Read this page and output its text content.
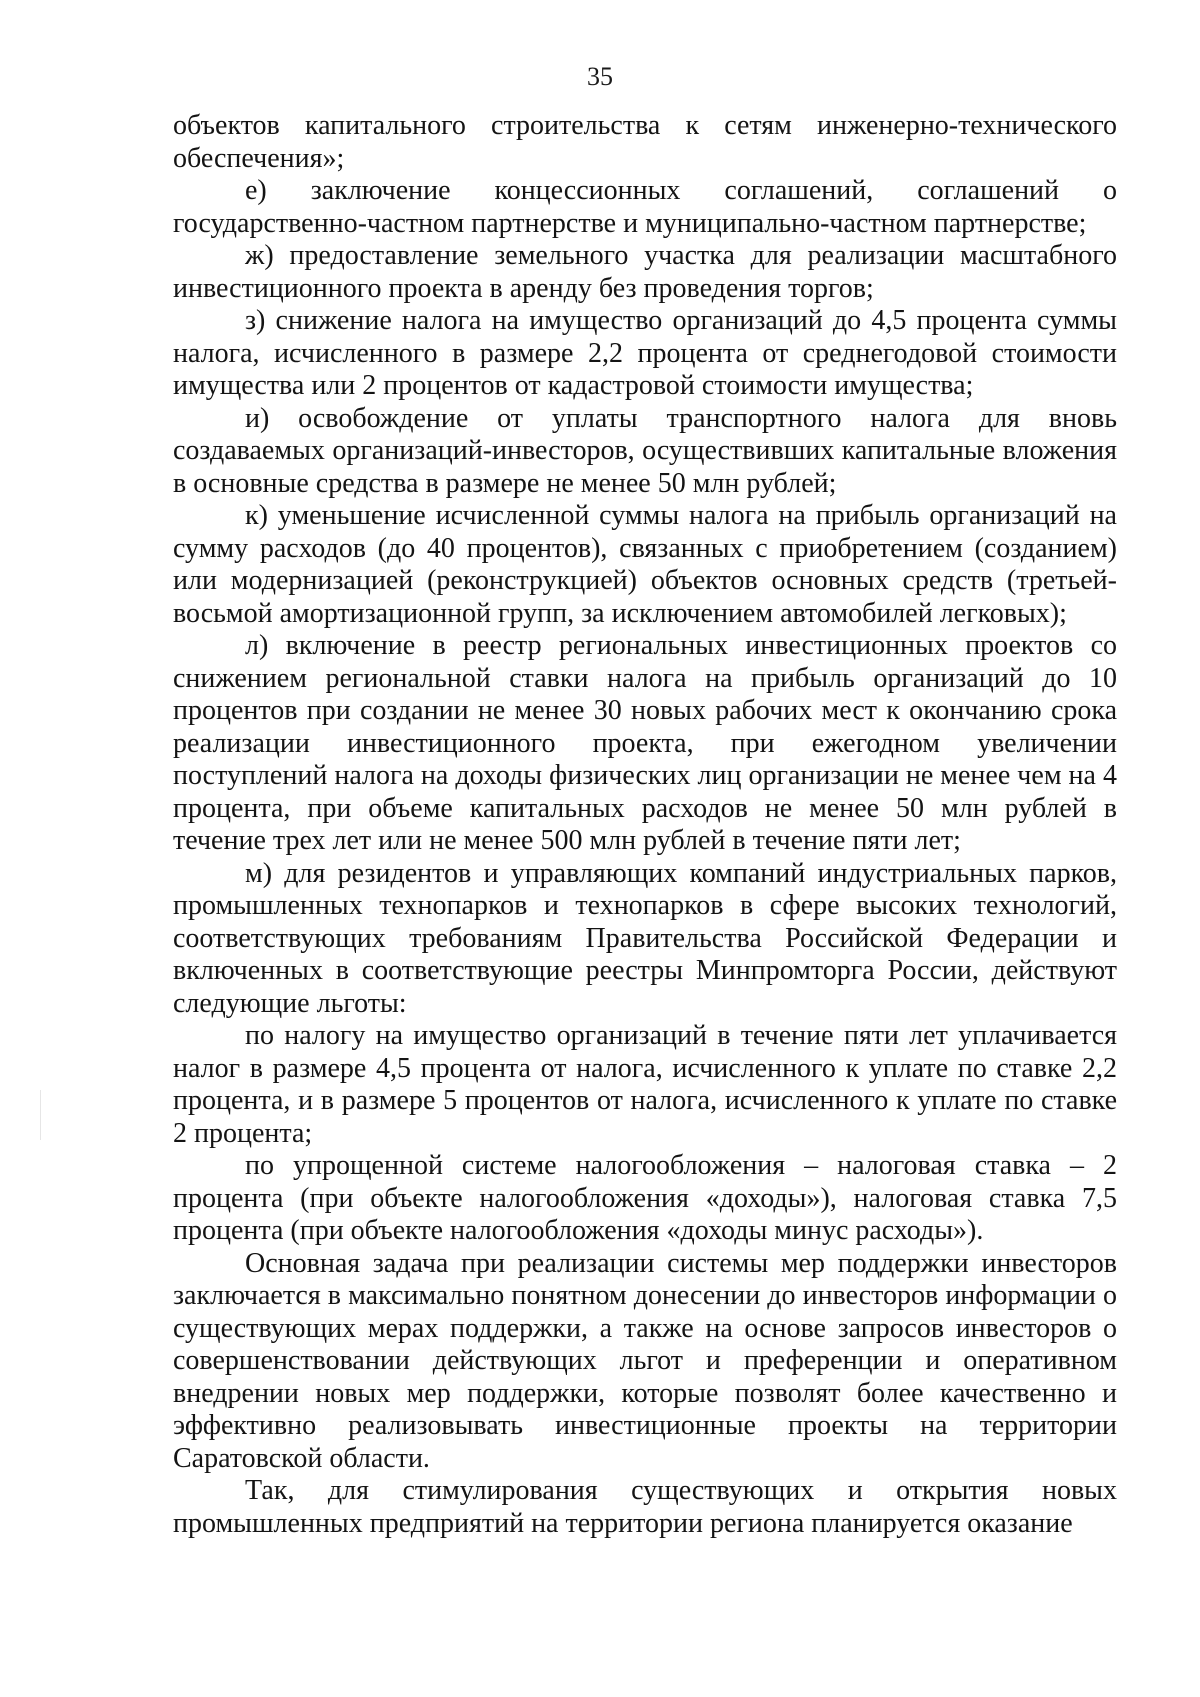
35

объектов капитального строительства к сетям инженерно-технического обеспечения»;

е) заключение концессионных соглашений, соглашений о государственно-частном партнерстве и муниципально-частном партнерстве;

ж) предоставление земельного участка для реализации масштабного инвестиционного проекта в аренду без проведения торгов;

з) снижение налога на имущество организаций до 4,5 процента суммы налога, исчисленного в размере 2,2 процента от среднегодовой стоимости имущества или 2 процентов от кадастровой стоимости имущества;

и) освобождение от уплаты транспортного налога для вновь создаваемых организаций-инвесторов, осуществивших капитальные вложения в основные средства в размере не менее 50 млн рублей;

к) уменьшение исчисленной суммы налога на прибыль организаций на сумму расходов (до 40 процентов), связанных с приобретением (созданием) или модернизацией (реконструкцией) объектов основных средств (третьей-восьмой амортизационной групп, за исключением автомобилей легковых);

л) включение в реестр региональных инвестиционных проектов со снижением региональной ставки налога на прибыль организаций до 10 процентов при создании не менее 30 новых рабочих мест к окончанию срока реализации инвестиционного проекта, при ежегодном увеличении поступлений налога на доходы физических лиц организации не менее чем на 4 процента, при объеме капитальных расходов не менее 50 млн рублей в течение трех лет или не менее 500 млн рублей в течение пяти лет;

м) для резидентов и управляющих компаний индустриальных парков, промышленных технопарков и технопарков в сфере высоких технологий, соответствующих требованиям Правительства Российской Федерации и включенных в соответствующие реестры Минпромторга России, действуют следующие льготы:

по налогу на имущество организаций в течение пяти лет уплачивается налог в размере 4,5 процента от налога, исчисленного к уплате по ставке 2,2 процента, и в размере 5 процентов от налога, исчисленного к уплате по ставке 2 процента;

по упрощенной системе налогообложения – налоговая ставка – 2 процента (при объекте налогообложения «доходы»), налоговая ставка 7,5 процента (при объекте налогообложения «доходы минус расходы»).

Основная задача при реализации системы мер поддержки инвесторов заключается в максимально понятном донесении до инвесторов информации о существующих мерах поддержки, а также на основе запросов инвесторов о совершенствовании действующих льгот и преференции и оперативном внедрении новых мер поддержки, которые позволят более качественно и эффективно реализовывать инвестиционные проекты на территории Саратовской области.

Так, для стимулирования существующих и открытия новых промышленных предприятий на территории региона планируется оказание
